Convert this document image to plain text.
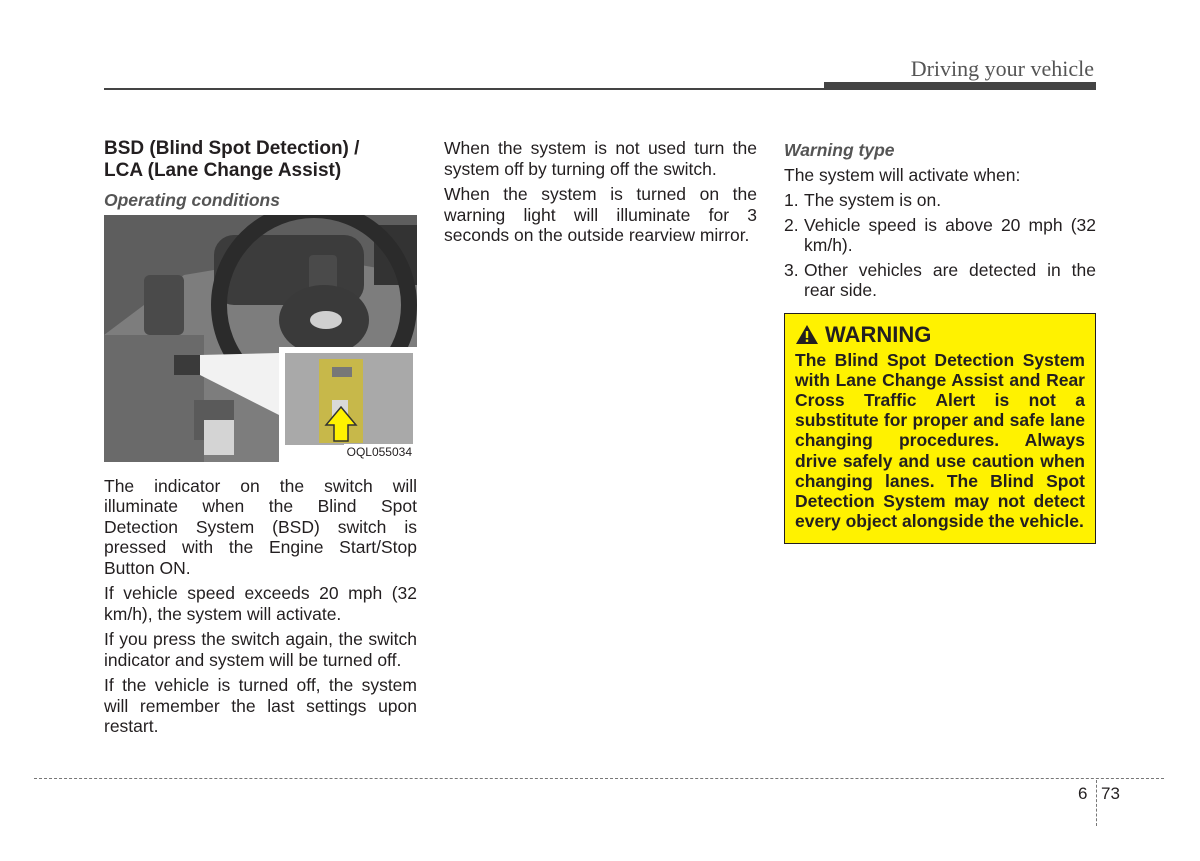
Driving your vehicle
BSD (Blind Spot Detection) /
LCA (Lane Change Assist)
Operating conditions
OQL055034

The indicator on the switch will illuminate when the Blind Spot Detection System (BSD) switch is pressed with the Engine Start/Stop Button ON.

If vehicle speed exceeds 20 mph (32 km/h), the system will activate.

If you press the switch again, the switch indicator and system will be turned off.

If the vehicle is turned off, the system will remember the last settings upon restart.

When the system is not used turn the system off by turning off the switch.

When the system is turned on the warning light will illuminate for 3 seconds on the outside rearview mirror.

Warning type

The system will activate when:

1. The system is on.
2. Vehicle speed is above 20 mph (32 km/h).
3. Other vehicles are detected in the rear side.
WARNING
The Blind Spot Detection System with Lane Change Assist and Rear Cross Traffic Alert is not a substitute for proper and safe lane changing procedures. Always drive safely and use caution when changing lanes. The Blind Spot Detection System may not detect every object alongside the vehicle.
6 73
